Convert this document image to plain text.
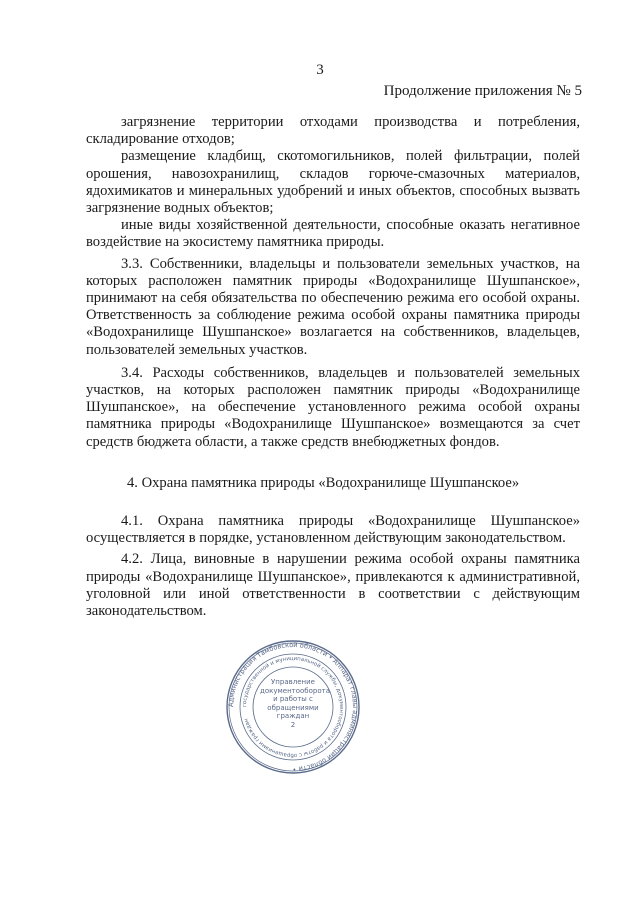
3
Продолжение приложения № 5

загрязнение территории отходами производства и потребления, складирование отходов;

размещение кладбищ, скотомогильников, полей фильтрации, полей орошения, навозохранилищ, складов горюче-смазочных материалов, ядохимикатов и минеральных удобрений и иных объектов, способных вызвать загрязнение водных объектов;

иные виды хозяйственной деятельности, способные оказать негативное воздействие на экосистему памятника природы.

3.3. Собственники, владельцы и пользователи земельных участков, на которых расположен памятник природы «Водохранилище Шушпанское», принимают на себя обязательства по обеспечению режима его особой охраны. Ответственность за соблюдение режима особой охраны памятника природы «Водохранилище Шушпанское» возлагается на собственников, владельцев, пользователей земельных участков.

3.4. Расходы собственников, владельцев и пользователей земельных участков, на которых расположен памятник природы «Водохранилище Шушпанское», на обеспечение установленного режима особой охраны памятника природы «Водохранилище Шушпанское» возмещаются за счет средств бюджета области, а также средств внебюджетных фондов.

4. Охрана памятника природы «Водохранилище Шушпанское»

4.1. Охрана памятника природы «Водохранилище Шушпанское» осуществляется в порядке, установленном действующим законодательством.

4.2. Лица, виновные в нарушении режима особой охраны памятника природы «Водохранилище Шушпанское», привлекаются к административной, уголовной или иной ответственности в соответствии с действующим законодательством.

Администрация Тамбовской области • Аппарат главы администрации области •
государственной и муниципальной службы, документооборота и работы с обращениями граждан
Управление документооборота и работы с обращениями граждан
2
